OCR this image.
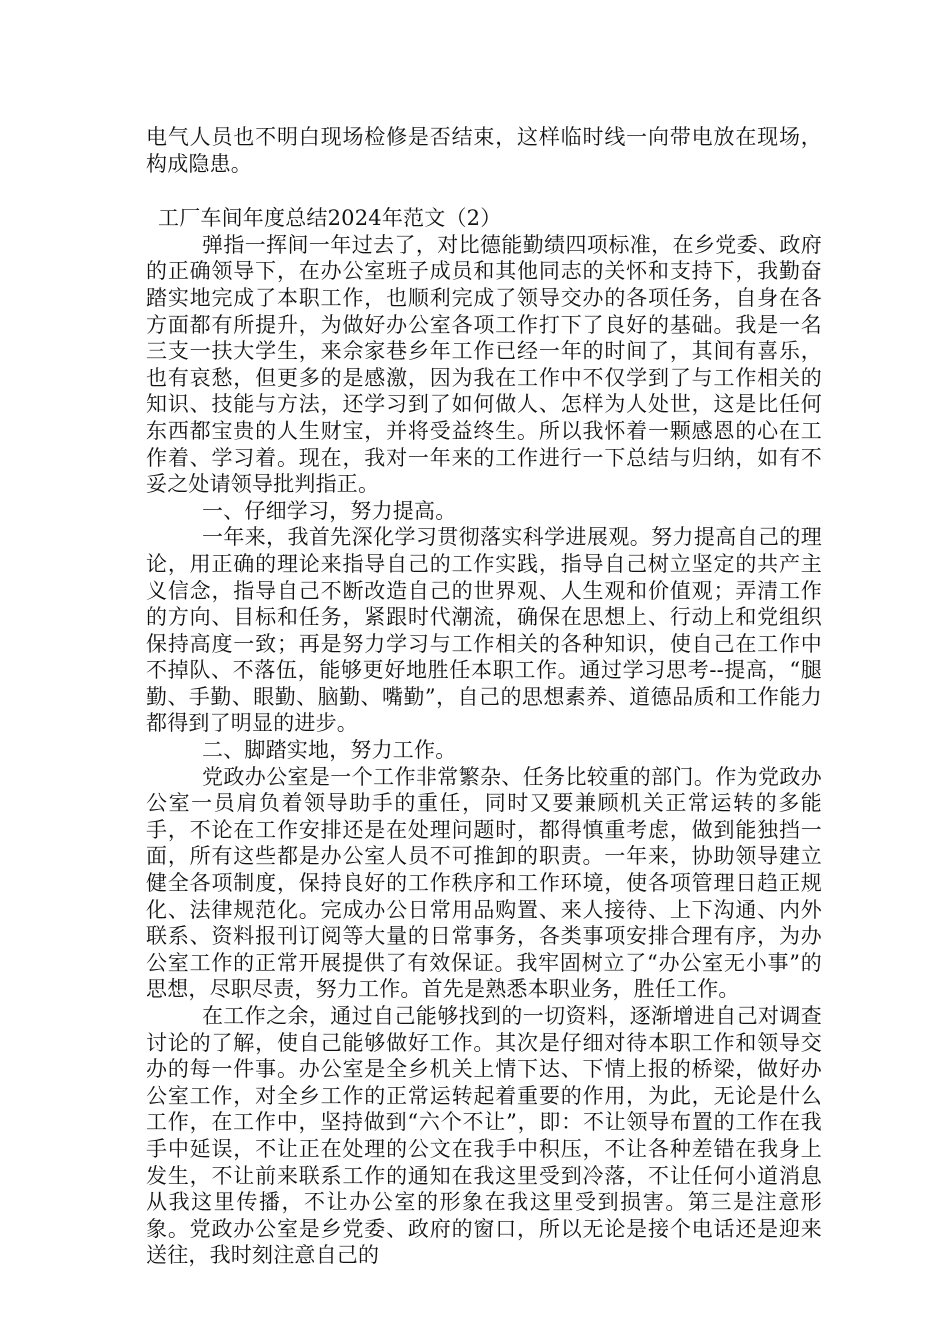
电气人员也不明白现场检修是否结束，这样临时线一向带电放在现场，构成隐患。

工厂车间年度总结2024年范文（2）

弹指一挥间一年过去了，对比德能勤绩四项标准，在乡党委、政府的正确领导下，在办公室班子成员和其他同志的关怀和支持下，我勤奋踏实地完成了本职工作，也顺利完成了领导交办的各项任务，自身在各方面都有所提升，为做好办公室各项工作打下了良好的基础。我是一名三支一扶大学生，来佘家巷乡年工作已经一年的时间了，其间有喜乐，也有哀愁，但更多的是感激，因为我在工作中不仅学到了与工作相关的知识、技能与方法，还学习到了如何做人、怎样为人处世，这是比任何东西都宝贵的人生财宝，并将受益终生。所以我怀着一颗感恩的心在工作着、学习着。现在，我对一年来的工作进行一下总结与归纳，如有不妥之处请领导批判指正。

一、仔细学习，努力提高。

一年来，我首先深化学习贯彻落实科学进展观。努力提高自己的理论，用正确的理论来指导自己的工作实践，指导自己树立坚定的共产主义信念，指导自己不断改造自己的世界观、人生观和价值观；弄清工作的方向、目标和任务，紧跟时代潮流，确保在思想上、行动上和党组织保持高度一致；再是努力学习与工作相关的各种知识，使自己在工作中不掉队、不落伍，能够更好地胜任本职工作。通过学习思考--提高，“腿勤、手勤、眼勤、脑勤、嘴勤”，自己的思想素养、道德品质和工作能力都得到了明显的进步。

二、脚踏实地，努力工作。

党政办公室是一个工作非常繁杂、任务比较重的部门。作为党政办公室一员肩负着领导助手的重任，同时又要兼顾机关正常运转的多能手，不论在工作安排还是在处理问题时，都得慎重考虑，做到能独挡一面，所有这些都是办公室人员不可推卸的职责。一年来，协助领导建立健全各项制度，保持良好的工作秩序和工作环境，使各项管理日趋正规化、法律规范化。完成办公日常用品购置、来人接待、上下沟通、内外联系、资料报刊订阅等大量的日常事务，各类事项安排合理有序，为办公室工作的正常开展提供了有效保证。我牢固树立了“办公室无小事”的思想，尽职尽责，努力工作。首先是熟悉本职业务，胜任工作。

在工作之余，通过自己能够找到的一切资料，逐渐增进自己对调查讨论的了解，使自己能够做好工作。其次是仔细对待本职工作和领导交办的每一件事。办公室是全乡机关上情下达、下情上报的桥梁，做好办公室工作，对全乡工作的正常运转起着重要的作用，为此，无论是什么工作，在工作中，坚持做到“六个不让”，即：不让领导布置的工作在我手中延误，不让正在处理的公文在我手中积压，不让各种差错在我身上发生，不让前来联系工作的通知在我这里受到冷落，不让任何小道消息从我这里传播，不让办公室的形象在我这里受到损害。第三是注意形象。党政办公室是乡党委、政府的窗口，所以无论是接个电话还是迎来送往，我时刻注意自己的
